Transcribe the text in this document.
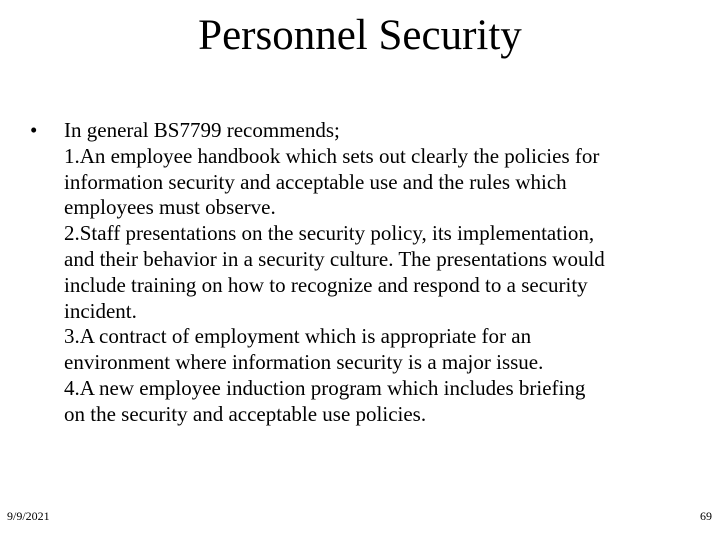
Personnel Security
• In general BS7799 recommends;
1.An employee handbook which sets out clearly the policies for
information security and acceptable use and the rules which
employees must observe.
2.Staff presentations on the security policy, its implementation,
and their behavior in a security culture. The presentations would
include training on how to recognize and respond to a security
incident.
3.A contract of employment which is appropriate for an
environment where information security is a major issue.
4.A new employee induction program which includes briefing
on the security and acceptable use policies.
9/9/2021	69
